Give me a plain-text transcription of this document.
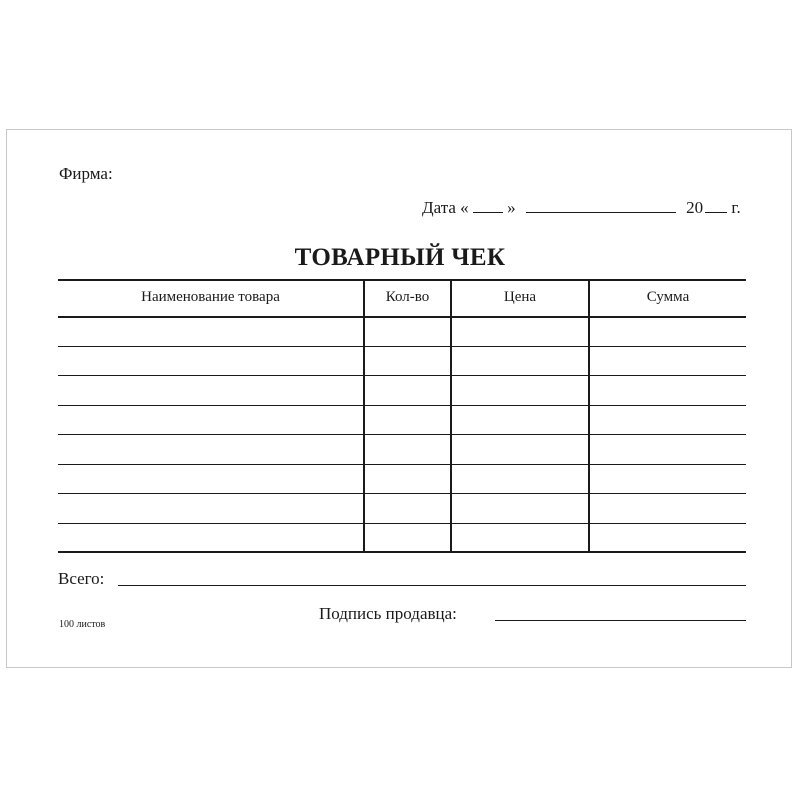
Фирма:
Дата « »	20 г.
ТОВАРНЫЙ ЧЕК
Наименование товара	Кол-во	Цена	Сумма
Всего:
100 листов
Подпись продавца:
